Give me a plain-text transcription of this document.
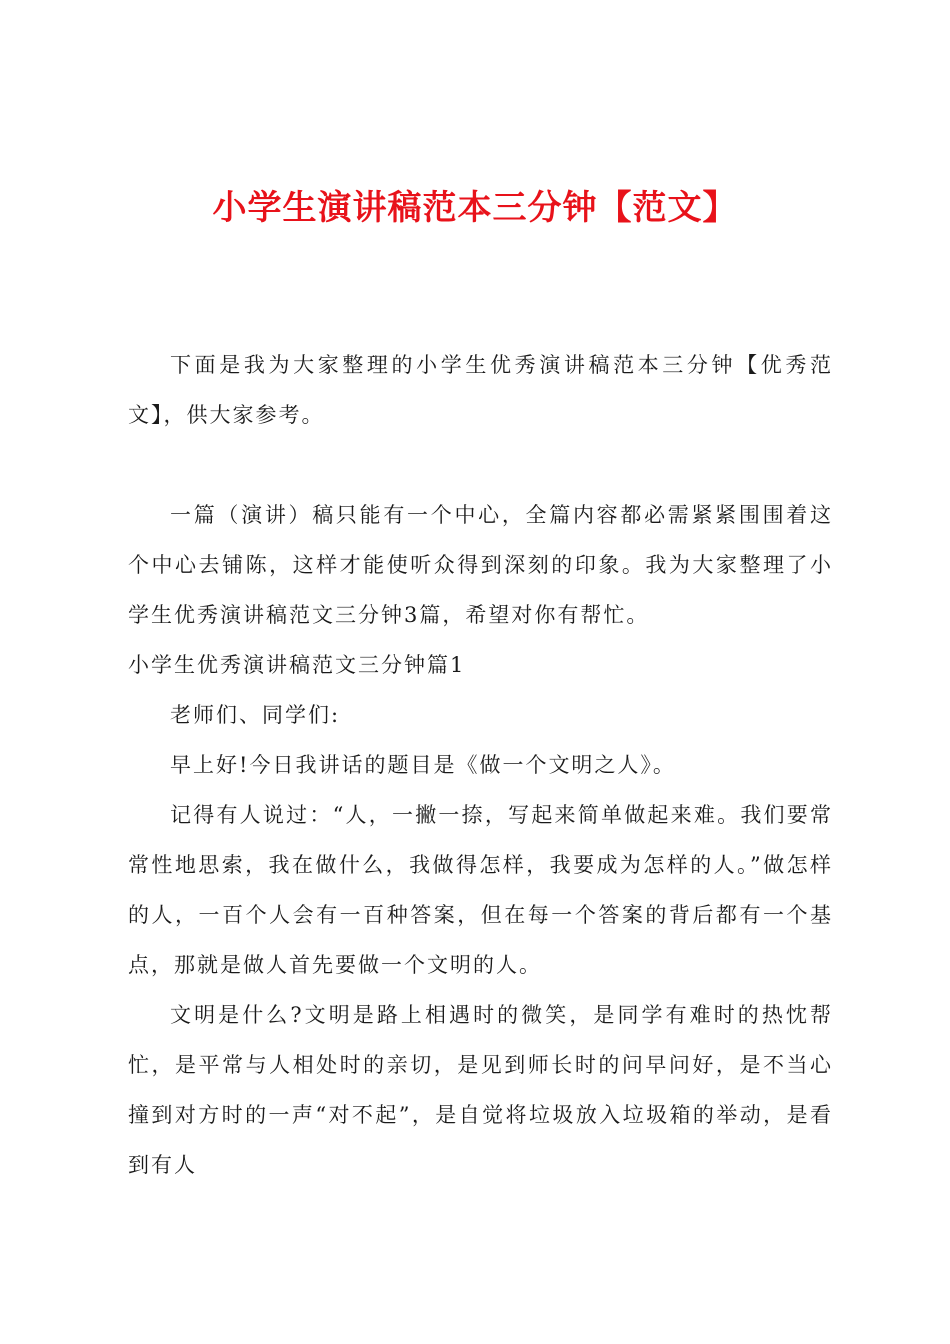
小学生演讲稿范本三分钟【范文】

下面是我为大家整理的小学生优秀演讲稿范本三分钟【优秀范文】，供大家参考。

一篇（演讲）稿只能有一个中心，全篇内容都必需紧紧围围着这个中心去铺陈，这样才能使听众得到深刻的印象。我为大家整理了小学生优秀演讲稿范文三分钟3篇，希望对你有帮忙。

小学生优秀演讲稿范文三分钟篇1

老师们、同学们:

早上好!今日我讲话的题目是《做一个文明之人》。

记得有人说过：“人，一撇一捺，写起来简单做起来难。我们要常常性地思索，我在做什么，我做得怎样，我要成为怎样的人。”做怎样的人，一百个人会有一百种答案，但在每一个答案的背后都有一个基点，那就是做人首先要做一个文明的人。

文明是什么?文明是路上相遇时的微笑，是同学有难时的热忱帮忙，是平常与人相处时的亲切，是见到师长时的问早问好，是不当心撞到对方时的一声“对不起”，是自觉将垃圾放入垃圾箱的举动，是看到有人
